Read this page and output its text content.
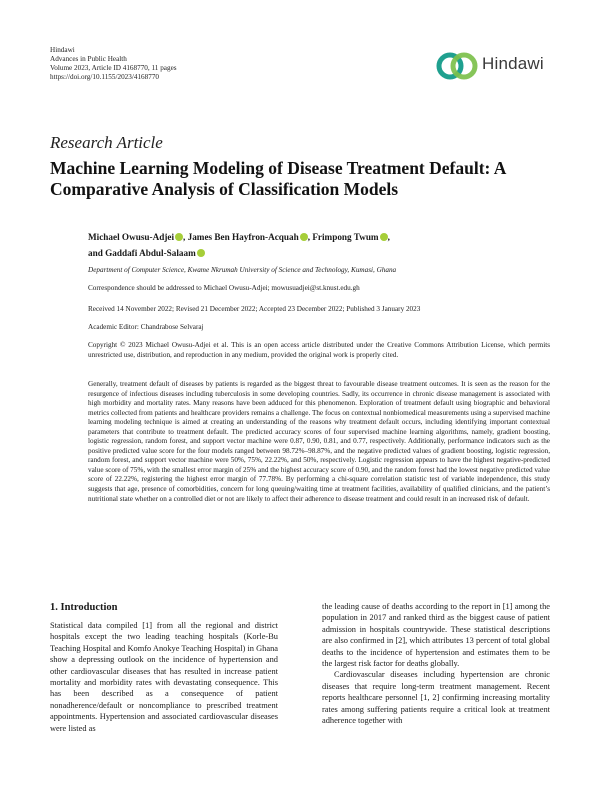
Hindawi
Advances in Public Health
Volume 2023, Article ID 4168770, 11 pages
https://doi.org/10.1155/2023/4168770
Hindawi
Research Article
Machine Learning Modeling of Disease Treatment Default: A Comparative Analysis of Classification Models
Michael Owusu-Adjei , James Ben Hayfron-Acquah , Frimpong Twum ,
and Gaddafi Abdul-Salaam
Department of Computer Science, Kwame Nkrumah University of Science and Technology, Kumasi, Ghana
Correspondence should be addressed to Michael Owusu-Adjei; mowusuadjei@st.knust.edu.gh
Received 14 November 2022; Revised 21 December 2022; Accepted 23 December 2022; Published 3 January 2023
Academic Editor: Chandrabose Selvaraj
Copyright © 2023 Michael Owusu-Adjei et al. This is an open access article distributed under the Creative Commons Attribution License, which permits unrestricted use, distribution, and reproduction in any medium, provided the original work is properly cited.
Generally, treatment default of diseases by patients is regarded as the biggest threat to favourable disease treatment outcomes. It is seen as the reason for the resurgence of infectious diseases including tuberculosis in some developing countries. Sadly, its occurrence in chronic disease management is associated with high morbidity and mortality rates. Many reasons have been adduced for this phenomenon. Exploration of treatment default using biographic and behavioral metrics collected from patients and healthcare providers remains a challenge. The focus on contextual nonbiomedical measurements using a supervised machine learning modeling technique is aimed at creating an understanding of the reasons why treatment default occurs, including identifying important contextual parameters that contribute to treatment default. The predicted accuracy scores of four supervised machine learning algorithms, namely, gradient boosting, logistic regression, random forest, and support vector machine were 0.87, 0.90, 0.81, and 0.77, respectively. Additionally, performance indicators such as the positive predicted value score for the four models ranged between 98.72%–98.87%, and the negative predicted values of gradient boosting, logistic regression, random forest, and support vector machine were 50%, 75%, 22.22%, and 50%, respectively. Logistic regression appears to have the highest negative-predicted value score of 75%, with the smallest error margin of 25% and the highest accuracy score of 0.90, and the random forest had the lowest negative predicted value score of 22.22%, registering the highest error margin of 77.78%. By performing a chi-square correlation statistic test of variable independence, this study suggests that age, presence of comorbidities, concern for long queuing/waiting time at treatment facilities, availability of qualified clinicians, and the patient’s nutritional state whether on a controlled diet or not are likely to affect their adherence to disease treatment and could result in an increased risk of default.
1. Introduction

Statistical data compiled [1] from all the regional and district hospitals except the two leading teaching hospitals (Korle-Bu Teaching Hospital and Komfo Anokye Teaching Hospital) in Ghana show a depressing outlook on the incidence of hypertension and other cardiovascular diseases that has resulted in increase patient mortality and morbidity rates with devastating consequence. This has been described as a consequence of patient nonadherence/default or noncompliance to prescribed treatment appointments. Hypertension and associated cardiovascular diseases were listed as

the leading cause of deaths according to the report in [1] among the population in 2017 and ranked third as the biggest cause of patient admission in hospitals countrywide. These statistical descriptions are also confirmed in [2], which attributes 13 percent of total global deaths to the incidence of hypertension and estimates them to be the largest risk factor for deaths globally.

Cardiovascular diseases including hypertension are chronic diseases that require long-term treatment management. Recent reports healthcare personnel [1, 2] confirming increasing mortality rates among suffering patients require a critical look at treatment adherence together with
